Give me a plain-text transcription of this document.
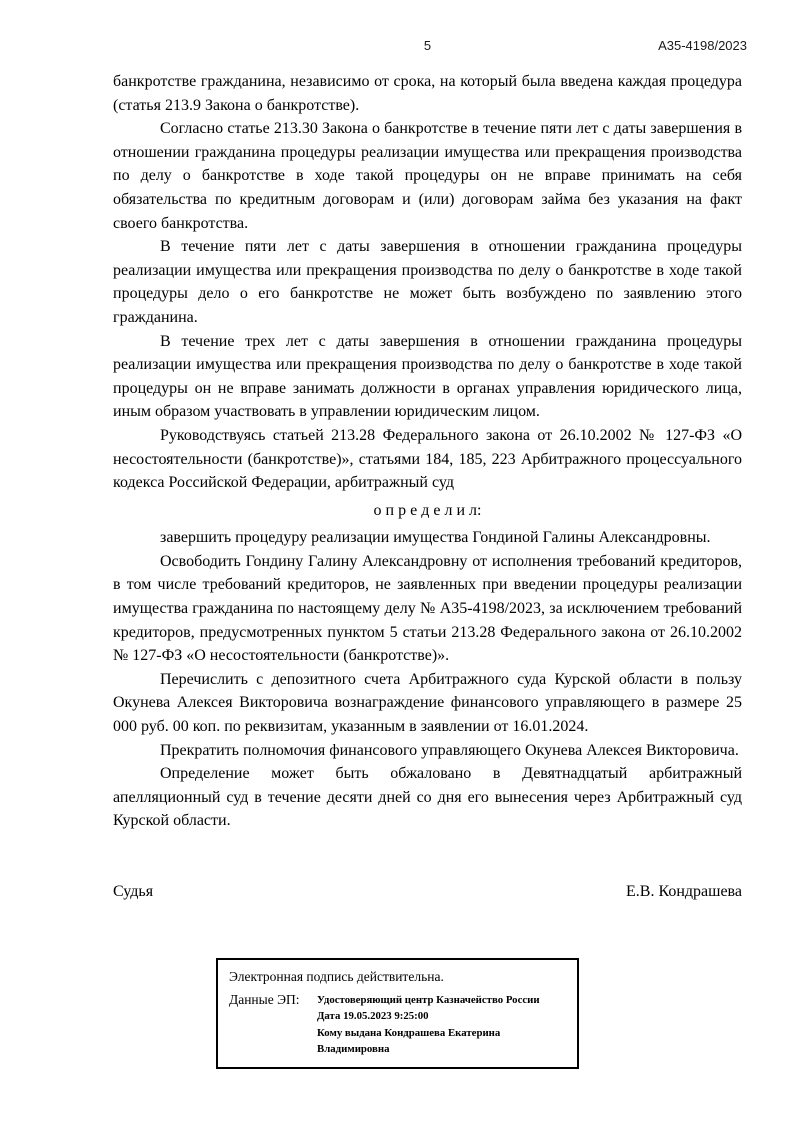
5	А35-4198/2023

банкротстве гражданина, независимо от срока, на который была введена каждая процедура (статья 213.9 Закона о банкротстве).

Согласно статье 213.30 Закона о банкротстве в течение пяти лет с даты завершения в отношении гражданина процедуры реализации имущества или прекращения производства по делу о банкротстве в ходе такой процедуры он не вправе принимать на себя обязательства по кредитным договорам и (или) договорам займа без указания на факт своего банкротства.

В течение пяти лет с даты завершения в отношении гражданина процедуры реализации имущества или прекращения производства по делу о банкротстве в ходе такой процедуры дело о его банкротстве не может быть возбуждено по заявлению этого гражданина.

В течение трех лет с даты завершения в отношении гражданина процедуры реализации имущества или прекращения производства по делу о банкротстве в ходе такой процедуры он не вправе занимать должности в органах управления юридического лица, иным образом участвовать в управлении юридическим лицом.

Руководствуясь статьей 213.28 Федерального закона от 26.10.2002 № 127-ФЗ «О несостоятельности (банкротстве)», статьями 184, 185, 223 Арбитражного процессуального кодекса Российской Федерации, арбитражный суд

о п р е д е л и л:

завершить процедуру реализации имущества Гондиной Галины Александровны.

Освободить Гондину Галину Александровну от исполнения требований кредиторов, в том числе требований кредиторов, не заявленных при введении процедуры реализации имущества гражданина по настоящему делу № А35-4198/2023, за исключением требований кредиторов, предусмотренных пунктом 5 статьи 213.28 Федерального закона от 26.10.2002 № 127-ФЗ «О несостоятельности (банкротстве)».

Перечислить с депозитного счета Арбитражного суда Курской области в пользу Окунева Алексея Викторовича вознаграждение финансового управляющего в размере 25 000 руб. 00 коп. по реквизитам, указанным в заявлении от 16.01.2024.

Прекратить полномочия финансового управляющего Окунева Алексея Викторовича.

Определение может быть обжаловано в Девятнадцатый арбитражный апелляционный суд в течение десяти дней со дня его вынесения через Арбитражный суд Курской области.

Судья	Е.В. Кондрашева
Электронная подпись действительна.
Данные ЭП:	Удостоверяющий центр Казначейство России
Дата 19.05.2023 9:25:00
Кому выдана Кондрашева Екатерина Владимировна
